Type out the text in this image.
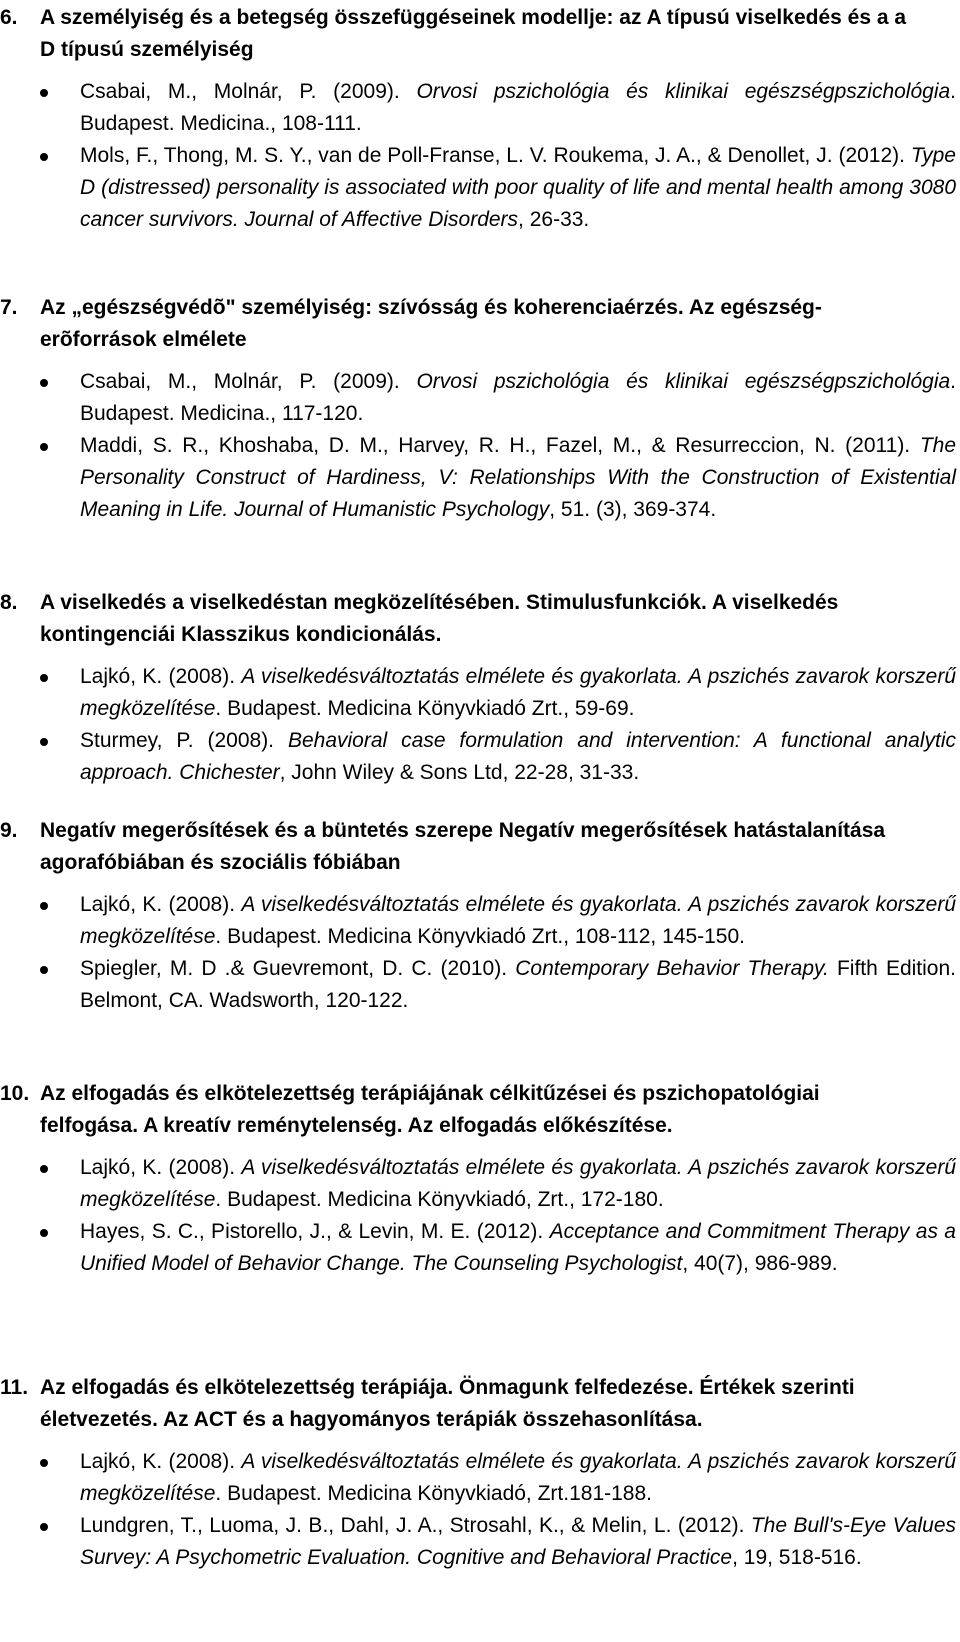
6. A személyiség és a betegség összefüggéseinek modellje: az A típusú viselkedés és a a D típusú személyiség
Csabai, M., Molnár, P. (2009). Orvosi pszichológia és klinikai egészségpszichológia. Budapest. Medicina., 108-111.
Mols, F., Thong, M. S. Y., van de Poll-Franse, L. V. Roukema, J. A., & Denollet, J. (2012). Type D (distressed) personality is associated with poor quality of life and mental health among 3080 cancer survivors. Journal of Affective Disorders, 26-33.
7. Az „egészségvédõ" személyiség: szívósság és koherenciaérzés. Az egészség-erõforrások elmélete
Csabai, M., Molnár, P. (2009). Orvosi pszichológia és klinikai egészségpszichológia. Budapest. Medicina., 117-120.
Maddi, S. R., Khoshaba, D. M., Harvey, R. H., Fazel, M., & Resurreccion, N. (2011). The Personality Construct of Hardiness, V: Relationships With the Construction of Existential Meaning in Life. Journal of Humanistic Psychology, 51. (3), 369-374.
8. A viselkedés a viselkedéstan megközelítésében. Stimulusfunkciók. A viselkedés kontingenciái Klasszikus kondicionálás.
Lajkó, K. (2008). A viselkedésváltoztatás elmélete és gyakorlata. A pszichés zavarok korszerű megközelítése. Budapest. Medicina Könyvkiadó Zrt., 59-69.
Sturmey, P. (2008). Behavioral case formulation and intervention: A functional analytic approach. Chichester, John Wiley & Sons Ltd, 22-28, 31-33.
9. Negatív megerősítések és a büntetés szerepe Negatív megerősítések hatástalanítása agorafóbiában és szociális fóbiában
Lajkó, K. (2008). A viselkedésváltoztatás elmélete és gyakorlata. A pszichés zavarok korszerű megközelítése. Budapest. Medicina Könyvkiadó Zrt., 108-112, 145-150.
Spiegler, M. D .& Guevremont, D. C. (2010). Contemporary Behavior Therapy. Fifth Edition. Belmont, CA. Wadsworth, 120-122.
10. Az elfogadás és elkötelezettség terápiájának célkitűzései és pszichopatológiai felfogása. A kreatív reménytelenség. Az elfogadás előkészítése.
Lajkó, K. (2008). A viselkedésváltoztatás elmélete és gyakorlata. A pszichés zavarok korszerű megközelítése. Budapest. Medicina Könyvkiadó, Zrt., 172-180.
Hayes, S. C., Pistorello, J., & Levin, M. E. (2012). Acceptance and Commitment Therapy as a Unified Model of Behavior Change. The Counseling Psychologist, 40(7), 986-989.
11. Az elfogadás és elkötelezettség terápiája. Önmagunk felfedezése. Értékek szerinti életvezetés. Az ACT és a hagyományos terápiák összehasonlítása.
Lajkó, K. (2008). A viselkedésváltoztatás elmélete és gyakorlata. A pszichés zavarok korszerű megközelítése. Budapest. Medicina Könyvkiadó, Zrt.181-188.
Lundgren, T., Luoma, J. B., Dahl, J. A., Strosahl, K., & Melin, L. (2012). The Bull's-Eye Values Survey: A Psychometric Evaluation. Cognitive and Behavioral Practice, 19, 518-516.
